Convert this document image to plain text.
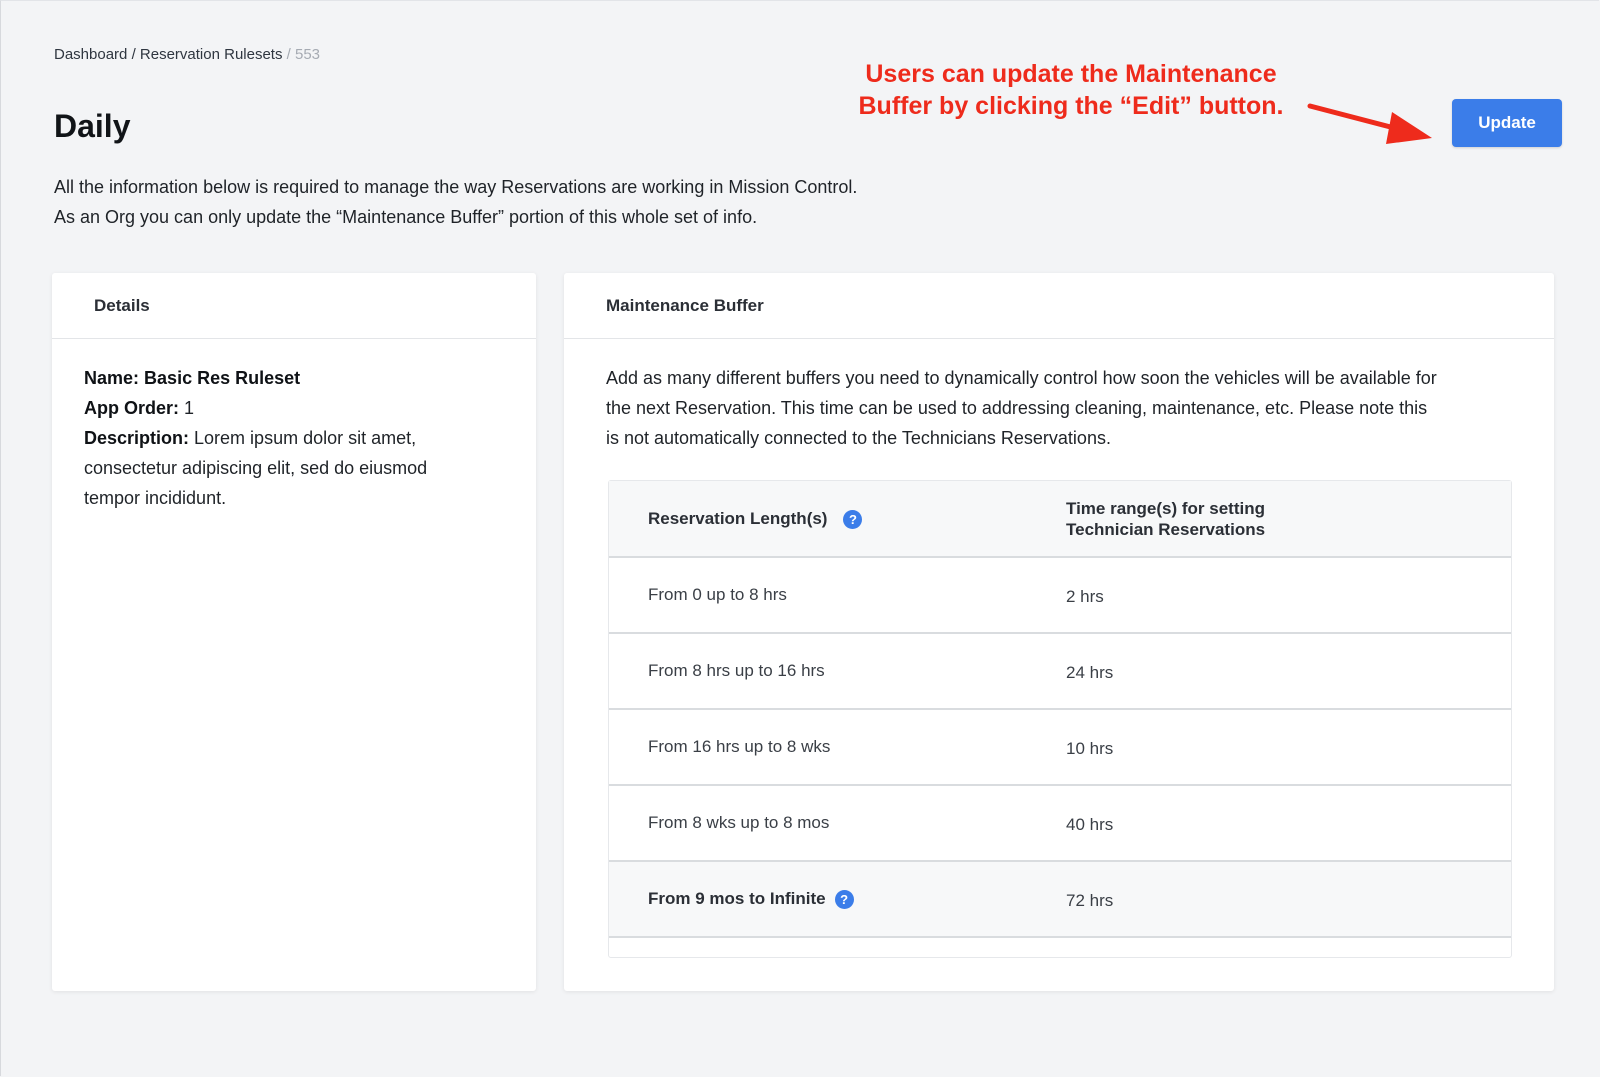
Dashboard / Reservation Rulesets / 553
Daily
All the information below is required to manage the way Reservations are working in Mission Control.
As an Org you can only update the “Maintenance Buffer” portion of this whole set of info.
Users can update the Maintenance
Buffer by clicking the “Edit” button.
Update
Details
Name: Basic Res Ruleset
App Order: 1
Description: Lorem ipsum dolor sit amet,
consectetur adipiscing elit, sed do eiusmod
tempor incididunt.
Maintenance Buffer
Add as many different buffers you need to dynamically control how soon the vehicles will be available for
the next Reservation. This time can be used to addressing cleaning, maintenance, etc. Please note this
is not automatically connected to the Technicians Reservations.
Reservation Length(s)	?
Time range(s) for setting
Technician Reservations
From 0 up to 8 hrs	2 hrs
From 8 hrs up to 16 hrs	24 hrs
From 16 hrs up to 8 wks	10 hrs
From 8 wks up to 8 mos	40 hrs
From 9 mos to Infinite	?	72 hrs
